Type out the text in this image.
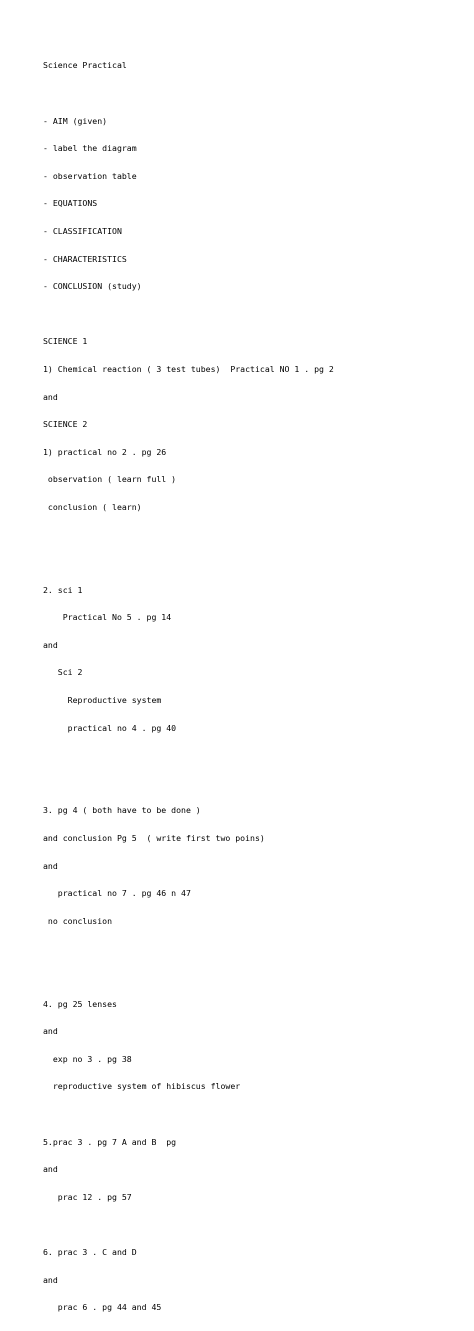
Science Practical

- AIM (given)

- label the diagram

- observation table

- EQUATIONS

- CLASSIFICATION

- CHARACTERISTICS

- CONCLUSION (study)

SCIENCE 1

1) Chemical reaction ( 3 test tubes)  Practical NO 1 . pg 2

and

SCIENCE 2

1) practical no 2 . pg 26

observation ( learn full )

conclusion ( learn)

2. sci 1

Practical No 5 . pg 14

and

Sci 2

Reproductive system

practical no 4 . pg 40

3. pg 4 ( both have to be done )

and conclusion Pg 5  ( write first two poins)

and

practical no 7 . pg 46 n 47

no conclusion

4. pg 25 lenses

and

exp no 3 . pg 38

reproductive system of hibiscus flower

5.prac 3 . pg 7 A and B  pg

and

prac 12 . pg 57

6. prac 3 . C and D

and

prac 6 . pg 44 and 45
